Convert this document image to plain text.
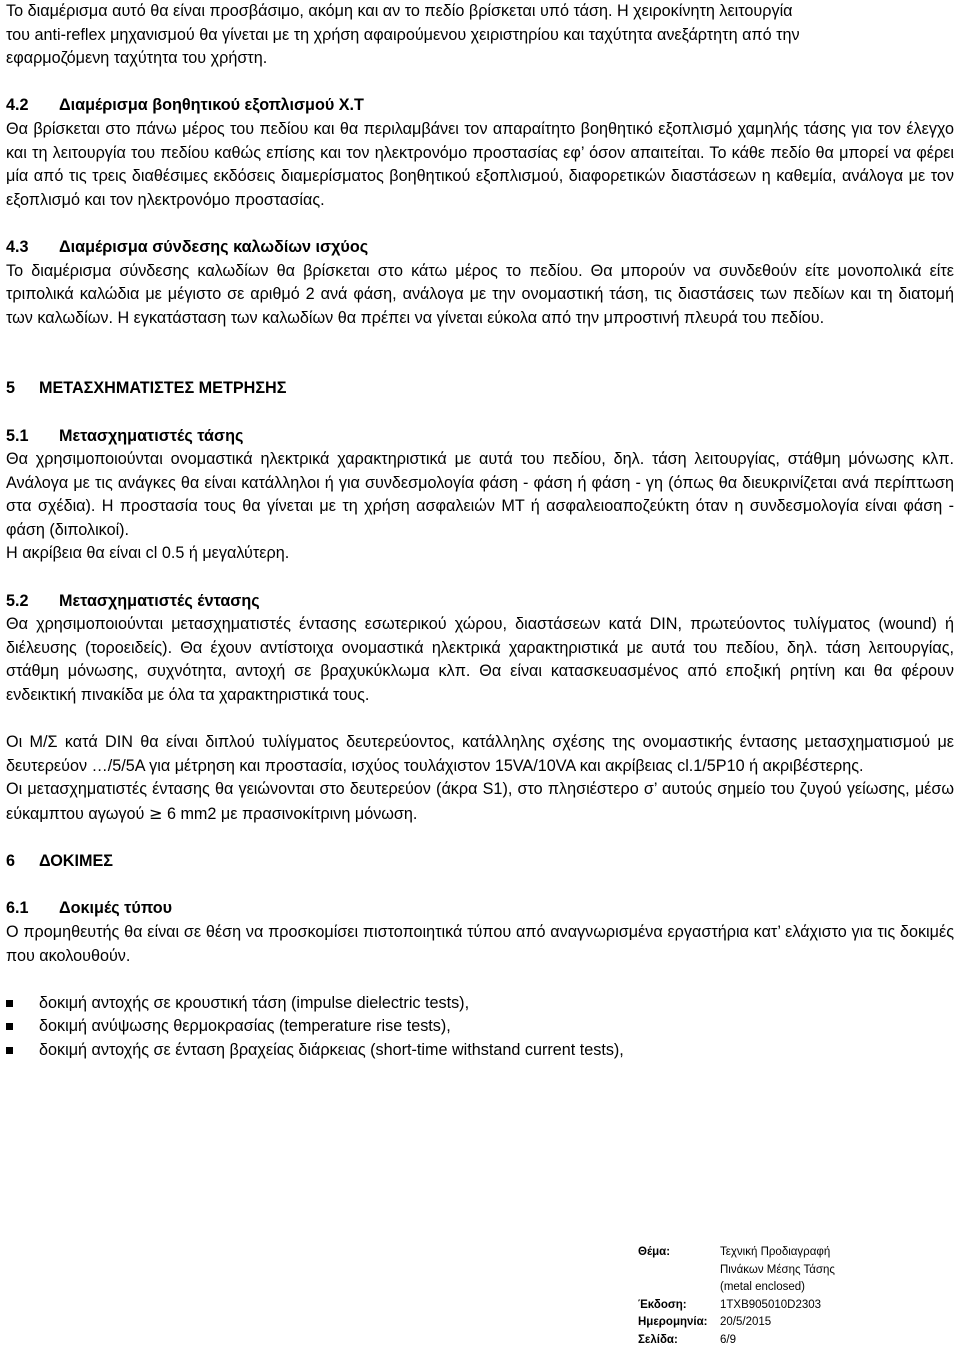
Το διαμέρισμα αυτό θα είναι προσβάσιμο, ακόμη και αν το πεδίο βρίσκεται υπό τάση. Η χειροκίνητη λειτουργία

του anti-reflex μηχανισμού θα γίνεται με τη χρήση αφαιρούμενου χειριστηρίου και ταχύτητα ανεξάρτητη από την

εφαρμοζόμενη ταχύτητα του χρήστη.

4.2	Διαμέρισμα βοηθητικού εξοπλισμού Χ.Τ

Θα βρίσκεται στο πάνω μέρος του πεδίου και θα περιλαμβάνει τον απαραίτητο βοηθητικό εξοπλισμό χαμηλής τάσης για τον έλεγχο και τη λειτουργία του πεδίου καθώς επίσης και τον ηλεκτρονόμο προστασίας εφ’ όσον απαιτείται. Το κάθε πεδίο θα μπορεί να φέρει μία από τις τρεις διαθέσιμες εκδόσεις διαμερίσματος βοηθητικού εξοπλισμού, διαφορετικών διαστάσεων η καθεμία, ανάλογα με τον εξοπλισμό και τον ηλεκτρονόμο προστασίας.

4.3	Διαμέρισμα σύνδεσης καλωδίων ισχύος

Το διαμέρισμα σύνδεσης καλωδίων θα βρίσκεται στο κάτω μέρος το πεδίου. Θα μπορούν να συνδεθούν είτε μονοπολικά είτε τριπολικά καλώδια με μέγιστο σε αριθμό 2 ανά φάση, ανάλογα με την ονομαστική τάση, τις διαστάσεις των πεδίων και τη διατομή των καλωδίων. Η εγκατάσταση των καλωδίων θα πρέπει να γίνεται εύκολα από την μπροστινή πλευρά του πεδίου.

5	ΜΕΤΑΣΧΗΜΑΤΙΣΤΕΣ ΜΕΤΡΗΣΗΣ
5.1	Μετασχηματιστές τάσης

Θα χρησιμοποιούνται ονομαστικά ηλεκτρικά χαρακτηριστικά με αυτά του πεδίου, δηλ. τάση λειτουργίας, στάθμη μόνωσης κλπ. Ανάλογα με τις ανάγκες θα είναι κατάλληλοι ή για συνδεσμολογία φάση - φάση ή φάση - γη (όπως θα διευκρινίζεται ανά περίπτωση στα σχέδια). Η προστασία τους θα γίνεται με τη χρήση ασφαλειών ΜΤ ή ασφαλειοαποζεύκτη όταν η συνδεσμολογία είναι φάση - φάση (διπολικοί).

Η ακρίβεια θα είναι cl 0.5 ή μεγαλύτερη.

5.2	Μετασχηματιστές έντασης

Θα χρησιμοποιούνται μετασχηματιστές έντασης εσωτερικού χώρου, διαστάσεων κατά DIN, πρωτεύοντος τυλίγματος (wound) ή διέλευσης (τοροειδείς). Θα έχουν αντίστοιχα ονομαστικά ηλεκτρικά χαρακτηριστικά με αυτά του πεδίου, δηλ. τάση λειτουργίας, στάθμη μόνωσης, συχνότητα, αντοχή σε βραχυκύκλωμα κλπ. Θα είναι κατασκευασμένος από εποξική ρητίνη και θα φέρουν ενδεικτική πινακίδα με όλα τα χαρακτηριστικά τους.

Οι Μ/Σ κατά DIN θα είναι διπλού τυλίγματος δευτερεύοντος, κατάλληλης σχέσης της ονομαστικής έντασης μετασχηματισμού με δευτερεύον …/5/5A για μέτρηση και προστασία, ισχύος τουλάχιστον 15VA/10VA και ακρίβειας cl.1/5P10 ή ακριβέστερης.

Οι μετασχηματιστές έντασης θα γειώνονται στο δευτερεύον (άκρα S1), στο πλησιέστερο σ’ αυτούς σημείο του ζυγού γείωσης, μέσω εύκαμπτου αγωγού ≥ 6 mm2 με πρασινοκίτρινη μόνωση.

6	ΔΟΚΙΜΕΣ
6.1	Δοκιμές τύπου

Ο προμηθευτής θα είναι σε θέση να προσκομίσει πιστοποιητικά τύπου από αναγνωρισμένα εργαστήρια κατ’ ελάχιστο για τις δοκιμές που ακολουθούν.

δοκιμή αντοχής σε κρουστική τάση (impulse dielectric tests),
δοκιμή ανύψωσης θερμοκρασίας (temperature rise tests),
δοκιμή αντοχής σε ένταση βραχείας διάρκειας (short-time withstand current tests),
Θέμα:	Τεχνική Προδιαγραφή
Πινάκων Μέσης Τάσης
(metal enclosed)
Έκδοση:	1TXB905010D2303
Ημερομηνία:	20/5/2015
Σελίδα:	6/9
